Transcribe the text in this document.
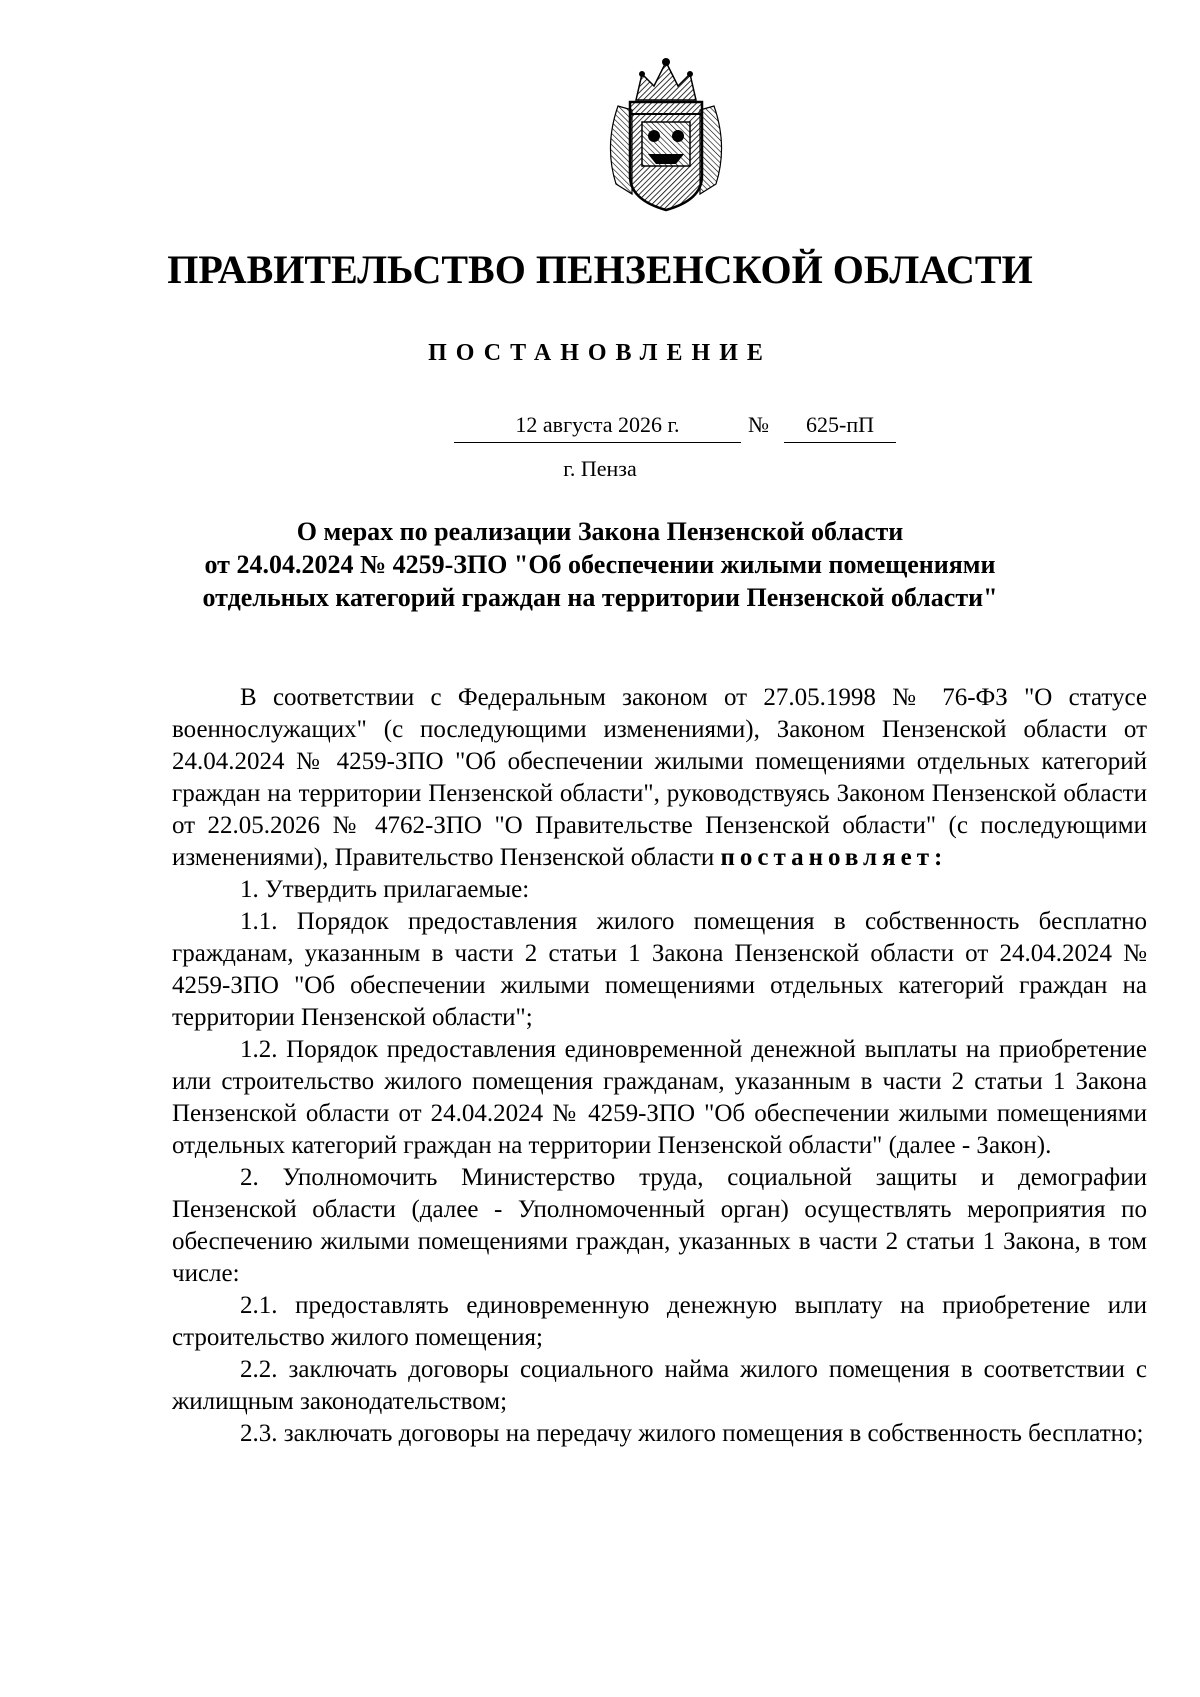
ПРАВИТЕЛЬСТВО ПЕНЗЕНСКОЙ ОБЛАСТИ
ПОСТАНОВЛЕНИЕ
12 августа 2026 г.	№	625-пП
г. Пенза
О мерах по реализации Закона Пензенской области
от 24.04.2024 № 4259-ЗПО "Об обеспечении жилыми помещениями
отдельных категорий граждан на территории Пензенской области"

В соответствии с Федеральным законом от 27.05.1998 № 76-ФЗ "О статусе военнослужащих" (с последующими изменениями), Законом Пензенской области от 24.04.2024 № 4259-ЗПО "Об обеспечении жилыми помещениями отдельных категорий граждан на территории Пензенской области", руководствуясь Законом Пензенской области от 22.05.2026 № 4762-ЗПО "О Правительстве Пензенской области" (с последующими изменениями), Правительство Пензенской области постановляет:

1. Утвердить прилагаемые:

1.1. Порядок предоставления жилого помещения в собственность бесплатно гражданам, указанным в части 2 статьи 1 Закона Пензенской области от 24.04.2024 № 4259-ЗПО "Об обеспечении жилыми помещениями отдельных категорий граждан на территории Пензенской области";

1.2. Порядок предоставления единовременной денежной выплаты на приобретение или строительство жилого помещения гражданам, указанным в части 2 статьи 1 Закона Пензенской области от 24.04.2024 № 4259-ЗПО "Об обеспечении жилыми помещениями отдельных категорий граждан на территории Пензенской области" (далее - Закон).

2. Уполномочить Министерство труда, социальной защиты и демографии Пензенской области (далее - Уполномоченный орган) осуществлять мероприятия по обеспечению жилыми помещениями граждан, указанных в части 2 статьи 1 Закона, в том числе:

2.1. предоставлять единовременную денежную выплату на приобретение или строительство жилого помещения;

2.2. заключать договоры социального найма жилого помещения в соответствии с жилищным законодательством;

2.3. заключать договоры на передачу жилого помещения в собственность бесплатно;
